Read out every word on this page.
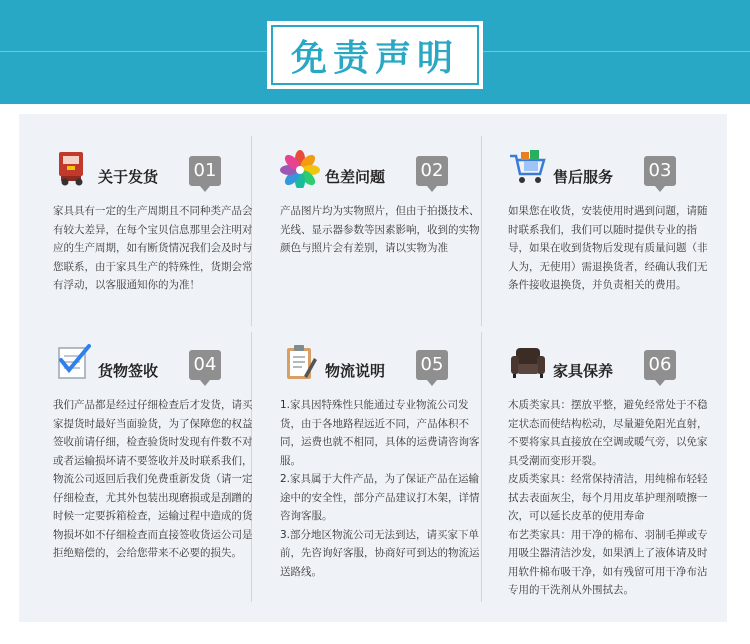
免责声明
关于发货 01

家具具有一定的生产周期且不同种类产品会有较大差异，在每个宝贝信息那里会注明对应的生产周期，如有断货情况我们会及时与您联系，由于家具生产的特殊性，货期会常有浮动，以客服通知你的为准！

色差问题 02

产品图片均为实物照片，但由于拍摄技术、光线、显示器参数等因素影响，收到的实物颜色与照片会有差别，请以实物为准

售后服务 03

如果您在收货，安装使用时遇到问题，请随时联系我们，我们可以随时提供专业的指导，如果在收到货物后发现有质量问题（非人为，无使用）需退换货者，经确认我们无条件接收退换货，并负责相关的费用。

货物签收 04

我们产品都是经过仔细检查后才发货，请买家提货时最好当面验货，为了保障您的权益签收前请仔细，检查验货时发现有件数不对或者运输损坏请不要签收并及时联系我们，物流公司返回后我们免费重新发货（请一定仔细检查，尤其外包装出现磨损或是刮蹭的时候一定要拆箱检查，运输过程中造成的货物损坏如不仔细检查而直接签收货运公司是拒绝赔偿的，会给您带来不必要的损失。

物流说明 05

1.家具因特殊性只能通过专业物流公司发货，由于各地路程远近不同，产品体积不同，运费也就不相同，具体的运费请咨询客服。

2.家具属于大件产品，为了保证产品在运输途中的安全性，部分产品建议打木架，详情咨询客服。

3.部分地区物流公司无法到达，请买家下单前，先咨询好客服，协商好可到达的物流运送路线。

家具保养 06

木质类家具：摆放平整，避免经常处于不稳定状态而使结构松动，尽量避免阳光直射，不要将家具直接放在空调或暖气旁，以免家具受潮而变形开裂。

皮质类家具：经常保持清洁，用纯棉布轻轻拭去表面灰尘，每个月用皮革护理剂喷擦一次，可以延长皮革的使用寿命

布艺类家具：用干净的棉布、羽制毛掸或专用吸尘器清洁沙发，如果洒上了液体请及时用软件棉布吸干净，如有残留可用干净布沾专用的干洗剂从外围拭去。
